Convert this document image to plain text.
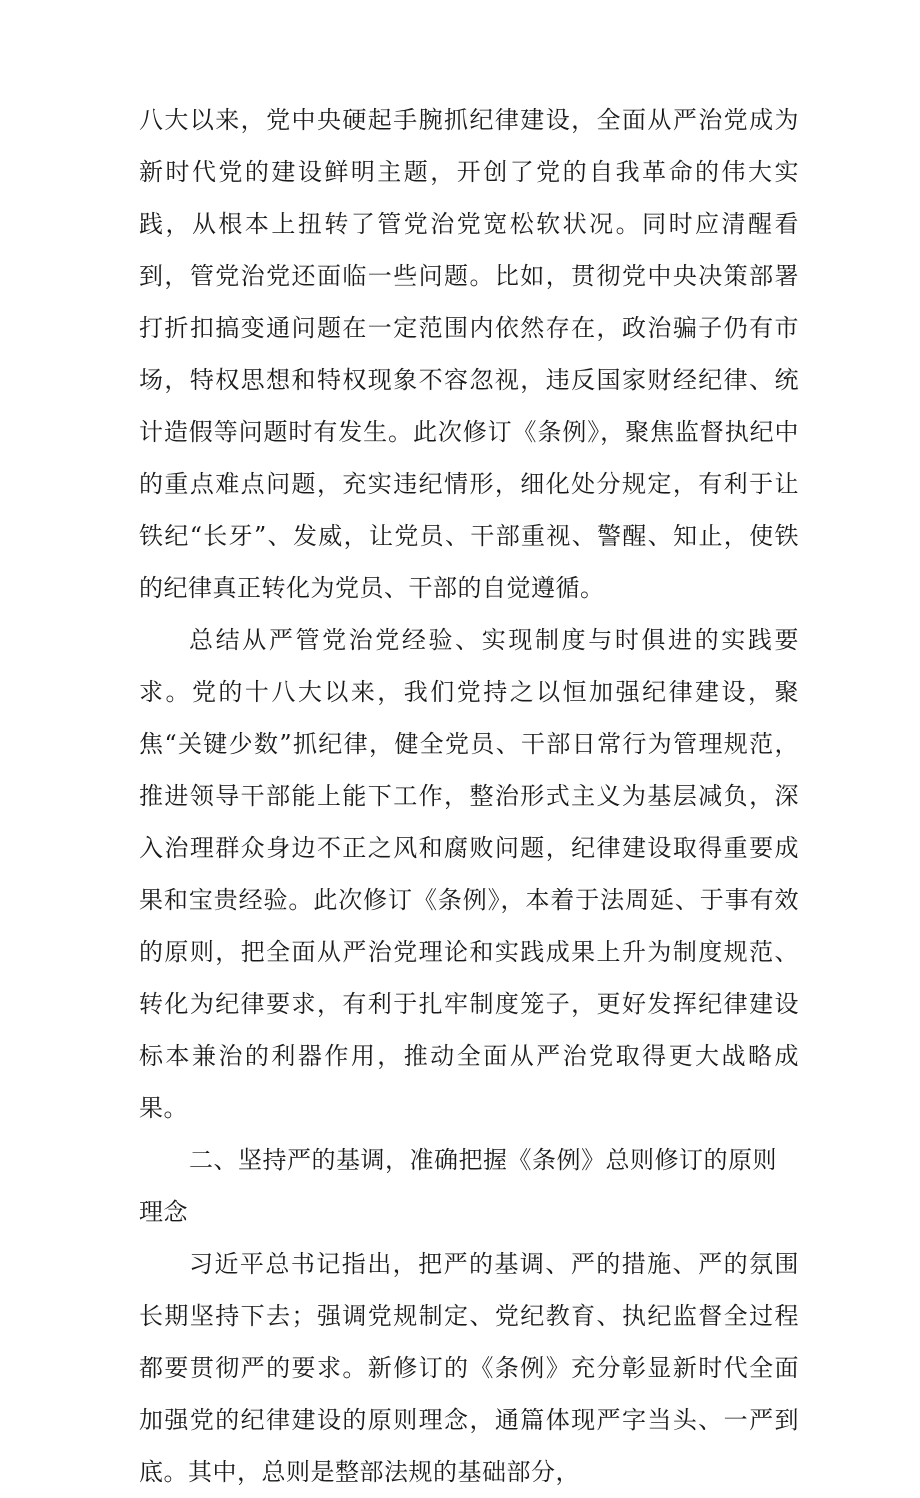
八大以来，党中央硬起手腕抓纪律建设，全面从严治党成为新时代党的建设鲜明主题，开创了党的自我革命的伟大实践，从根本上扭转了管党治党宽松软状况。同时应清醒看到，管党治党还面临一些问题。比如，贯彻党中央决策部署打折扣搞变通问题在一定范围内依然存在，政治骗子仍有市场，特权思想和特权现象不容忽视，违反国家财经纪律、统计造假等问题时有发生。此次修订《条例》，聚焦监督执纪中的重点难点问题，充实违纪情形，细化处分规定，有利于让铁纪“长牙”、发威，让党员、干部重视、警醒、知止，使铁的纪律真正转化为党员、干部的自觉遵循。

总结从严管党治党经验、实现制度与时俱进的实践要求。党的十八大以来，我们党持之以恒加强纪律建设，聚焦“关键少数”抓纪律，健全党员、干部日常行为管理规范，推进领导干部能上能下工作，整治形式主义为基层减负，深入治理群众身边不正之风和腐败问题，纪律建设取得重要成果和宝贵经验。此次修订《条例》，本着于法周延、于事有效的原则，把全面从严治党理论和实践成果上升为制度规范、转化为纪律要求，有利于扎牢制度笼子，更好发挥纪律建设标本兼治的利器作用，推动全面从严治党取得更大战略成果。

二、坚持严的基调，准确把握《条例》总则修订的原则理念

习近平总书记指出，把严的基调、严的措施、严的氛围长期坚持下去；强调党规制定、党纪教育、执纪监督全过程都要贯彻严的要求。新修订的《条例》充分彰显新时代全面加强党的纪律建设的原则理念，通篇体现严字当头、一严到底。其中，总则是整部法规的基础部分，
